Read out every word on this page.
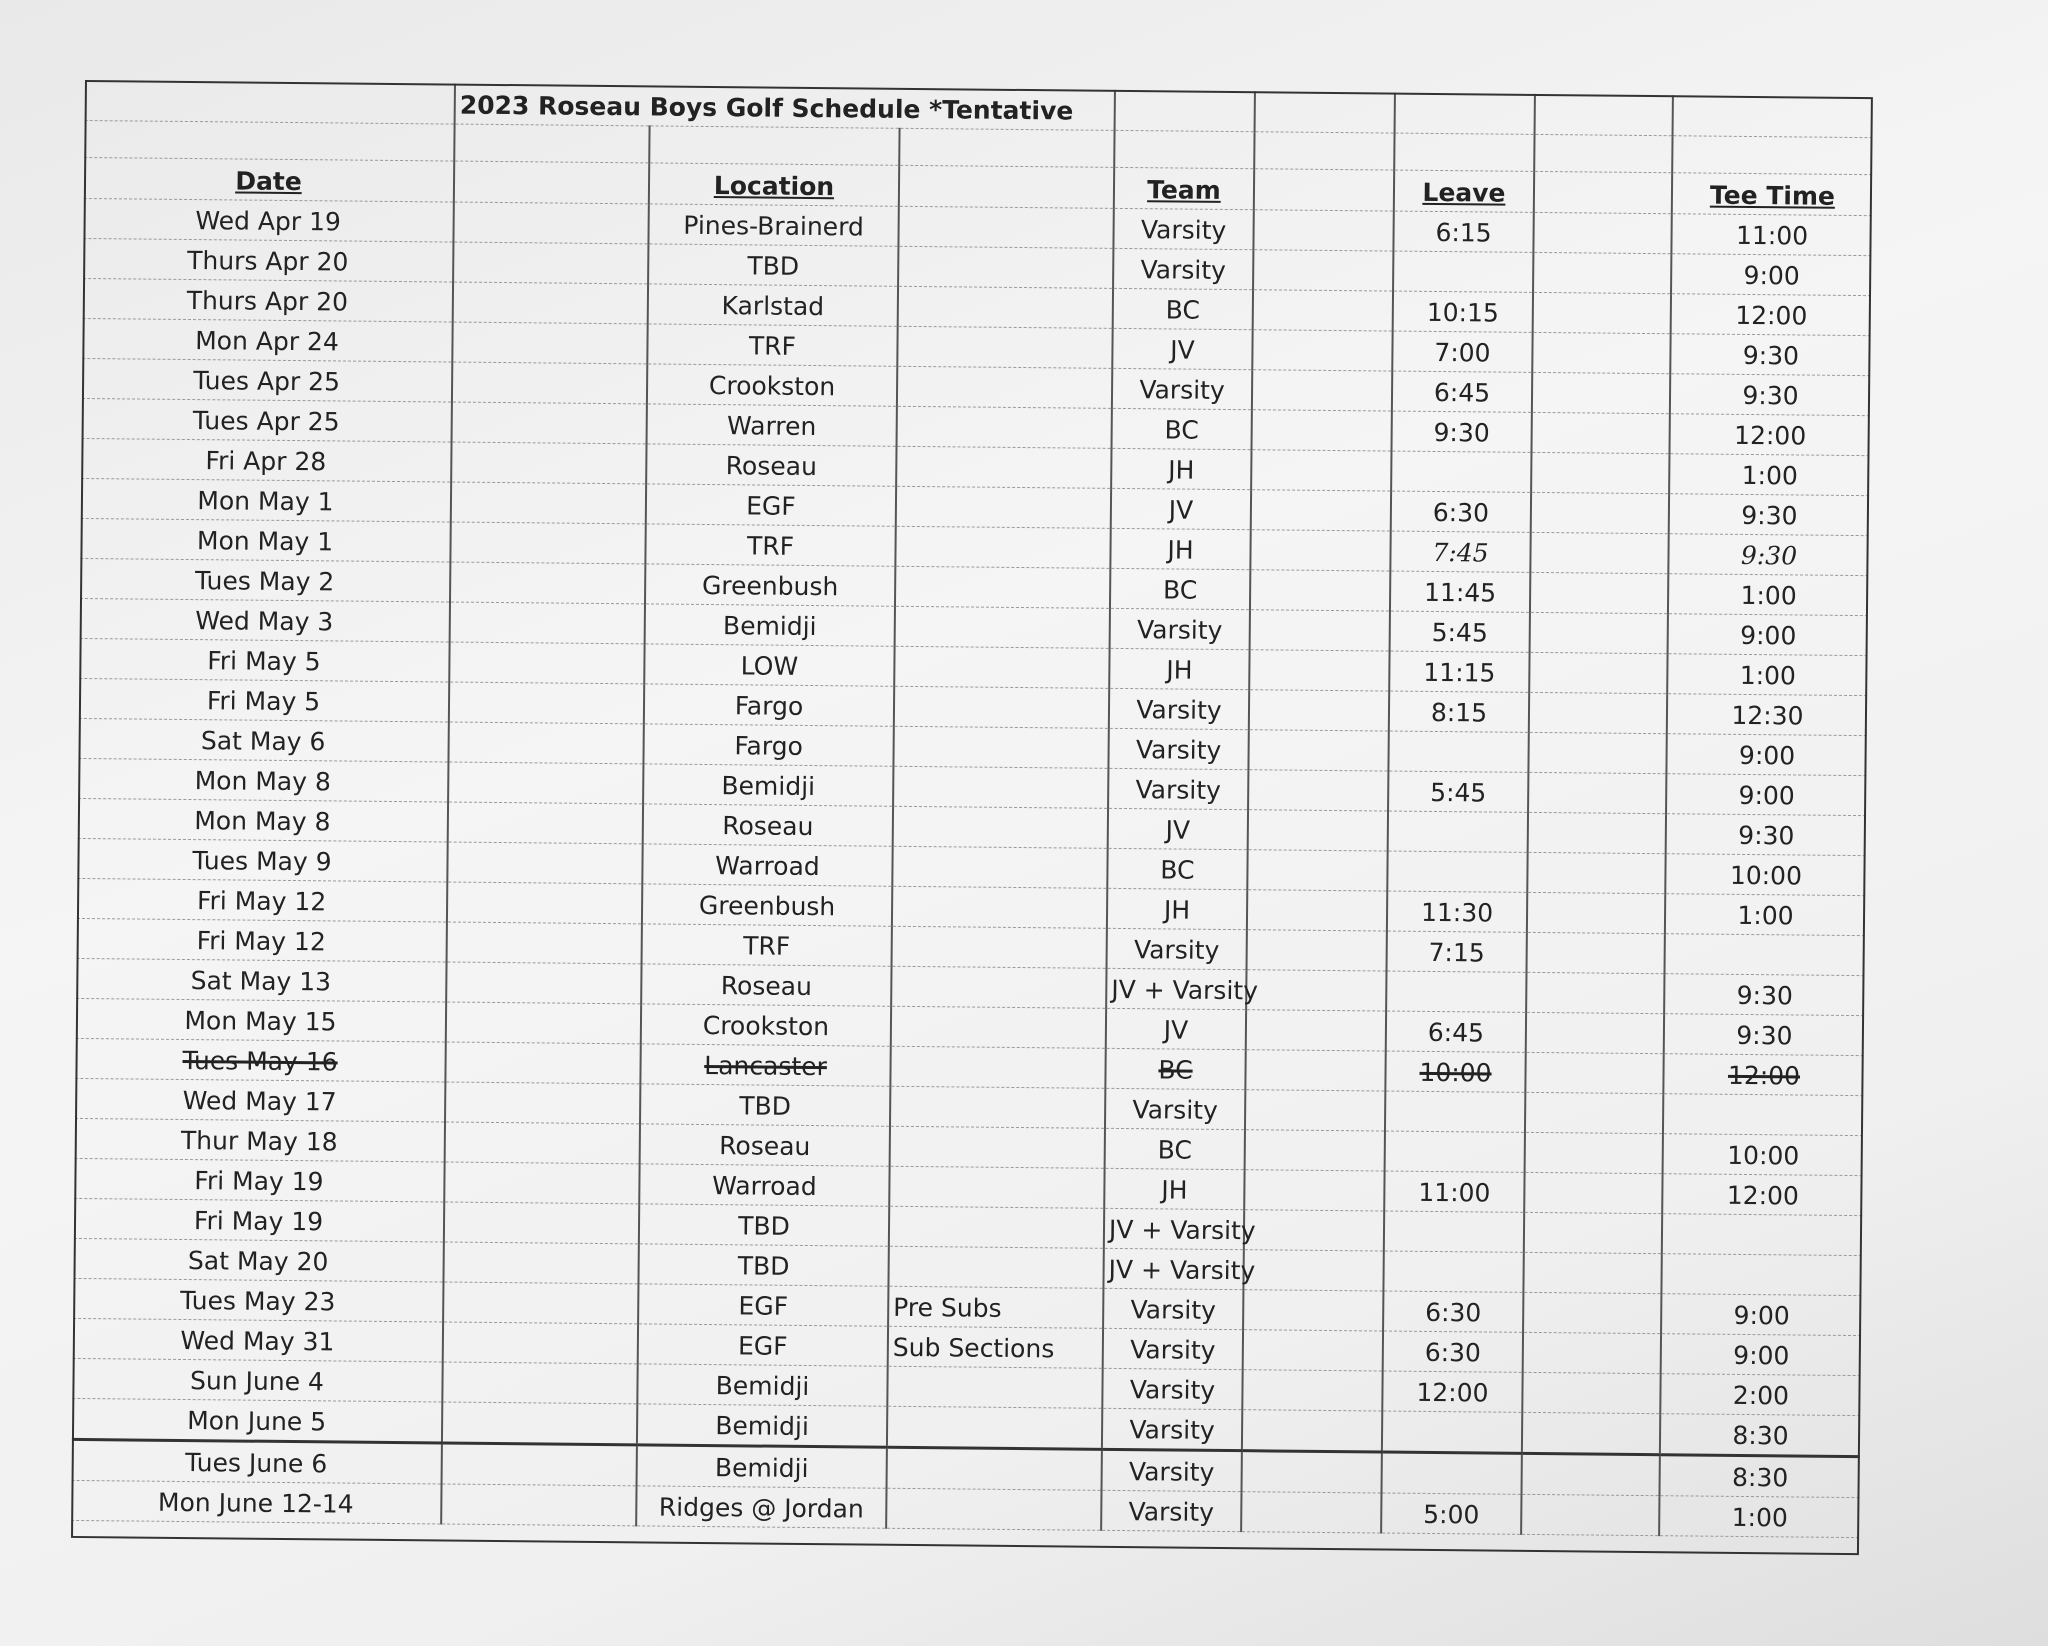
	2023 Roseau Boys Golf Schedule *Tentative							

Date		Location		Team		Leave		Tee Time
Wed Apr 19		Pines-Brainerd		Varsity		6:15		11:00
Thurs Apr 20		TBD		Varsity				9:00
Thurs Apr 20		Karlstad		BC		10:15		12:00
Mon Apr 24		TRF		JV		7:00		9:30
Tues Apr 25		Crookston		Varsity		6:45		9:30
Tues Apr 25		Warren		BC		9:30		12:00
Fri Apr 28		Roseau		JH				1:00
Mon May 1		EGF		JV		6:30		9:30
Mon May 1		TRF		JH		7:45		9:30
Tues May 2		Greenbush		BC		11:45		1:00
Wed May 3		Bemidji		Varsity		5:45		9:00
Fri May 5		LOW		JH		11:15		1:00
Fri May 5		Fargo		Varsity		8:15		12:30
Sat May 6		Fargo		Varsity				9:00
Mon May 8		Bemidji		Varsity		5:45		9:00
Mon May 8		Roseau		JV				9:30
Tues May 9		Warroad		BC				10:00
Fri May 12		Greenbush		JH		11:30		1:00
Fri May 12		TRF		Varsity		7:15		
Sat May 13		Roseau		JV + Varsity				9:30
Mon May 15		Crookston		JV		6:45		9:30
Tues May 16		Lancaster		BC		10:00		12:00
Wed May 17		TBD		Varsity				
Thur May 18		Roseau		BC				10:00
Fri May 19		Warroad		JH		11:00		12:00
Fri May 19		TBD		JV + Varsity				
Sat May 20		TBD		JV + Varsity				
Tues May 23		EGF	Pre Subs	Varsity		6:30		9:00
Wed May 31		EGF	Sub Sections	Varsity		6:30		9:00
Sun June 4		Bemidji		Varsity		12:00		2:00
Mon June 5		Bemidji		Varsity				8:30
Tues June 6		Bemidji		Varsity				8:30
Mon June 12-14		Ridges @ Jordan		Varsity		5:00		1:00
